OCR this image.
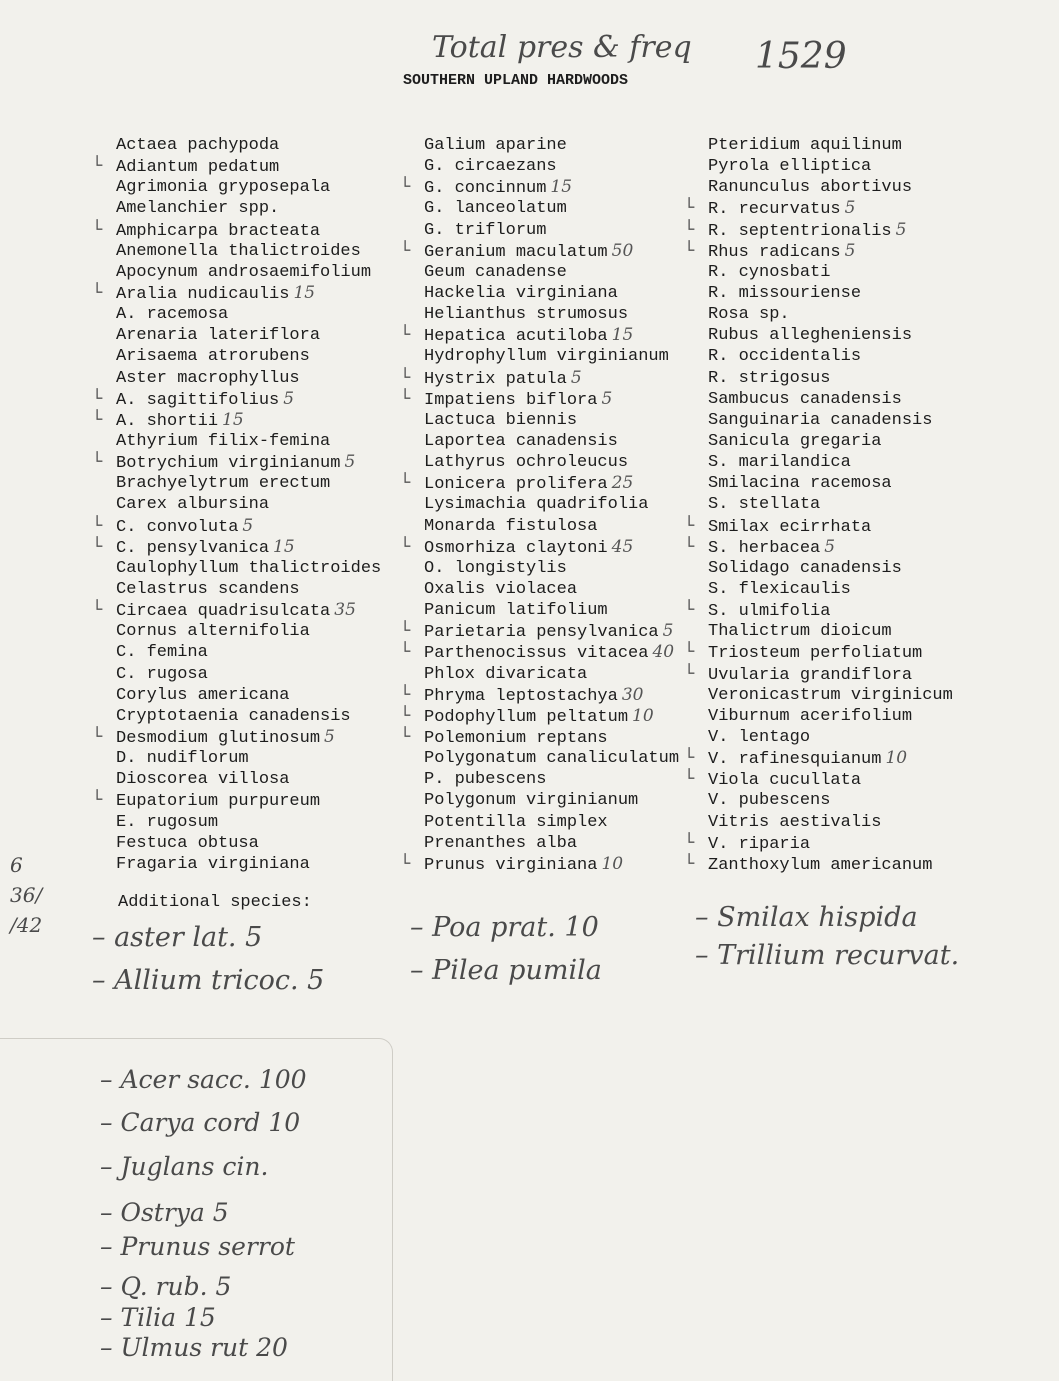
SOUTHERN UPLAND HARDWOODS
Total pres & freq 1529
Actaea pachypoda
└ Adiantum pedatum
Agrimonia gryposepala
Amelanchier spp.
└ Amphicarpa bracteata
Anemonella thalictroides
Apocynum androsaemifolium
└ Aralia nudicaulis 15
A. racemosa
Arenaria lateriflora
Arisaema atrorubens
Aster macrophyllus
└ A. sagittifolius 5
└ A. shortii 15
Athyrium filix-femina
└ Botrychium virginianum 5
Brachyelytrum erectum
Carex albursina
└ C. convoluta 5
└ C. pensylvanica 15
Caulophyllum thalictroides
Celastrus scandens
└ Circaea quadrisulcata 35
Cornus alternifolia
C. femina
C. rugosa
Corylus americana
Cryptotaenia canadensis
└ Desmodium glutinosum 5
D. nudiflorum
Dioscorea villosa
└ Eupatorium purpureum
E. rugosum
Festuca obtusa
Fragaria virginiana
Galium aparine
G. circaezans
└ G. concinnum 15
G. lanceolatum
G. triflorum
└ Geranium maculatum 50
Geum canadense
Hackelia virginiana
Helianthus strumosus
└ Hepatica acutiloba 15
Hydrophyllum virginianum
└ Hystrix patula 5
└ Impatiens biflora 5
Lactuca biennis
Laportea canadensis
Lathyrus ochroleucus
└ Lonicera prolifera 25
Lysimachia quadrifolia
Monarda fistulosa
└ Osmorhiza claytoni 45
O. longistylis
Oxalis violacea
Panicum latifolium
└ Parietaria pensylvanica 5
└ Parthenocissus vitacea 40
Phlox divaricata
└ Phryma leptostachya 30
└ Podophyllum peltatum 10
└ Polemonium reptans
Polygonatum canaliculatum
P. pubescens
Polygonum virginianum
Potentilla simplex
Prenanthes alba
└ Prunus virginiana 10
Pteridium aquilinum
Pyrola elliptica
Ranunculus abortivus
└ R. recurvatus 5
└ R. septentrionalis 5
└ Rhus radicans 5
R. cynosbati
R. missouriense
Rosa sp.
Rubus allegheniensis
R. occidentalis
R. strigosus
Sambucus canadensis
Sanguinaria canadensis
Sanicula gregaria
S. marilandica
Smilacina racemosa
S. stellata
└ Smilax ecirrhata
└ S. herbacea 5
Solidago canadensis
S. flexicaulis
└ S. ulmifolia
Thalictrum dioicum
└ Triosteum perfoliatum
└ Uvularia grandiflora
Veronicastrum virginicum
Viburnum acerifolium
V. lentago
└ V. rafinesquianum 10
└ Viola cucullata
V. pubescens
Vitris aestivalis
└ V. riparia
└ Zanthoxylum americanum
Additional species:
6
36/
/42 – aster lat. 5
– Allium tricoc. 5
– Poa prat. 10
– Pilea pumila
– Smilax hispida
– Trillium recurvat.
– Acer sacc. 100
– Carya cord 10
– Juglans cin.
– Ostrya 5
– Prunus serrot
– Q. rub. 5
– Tilia 15
– Ulmus rut 20
